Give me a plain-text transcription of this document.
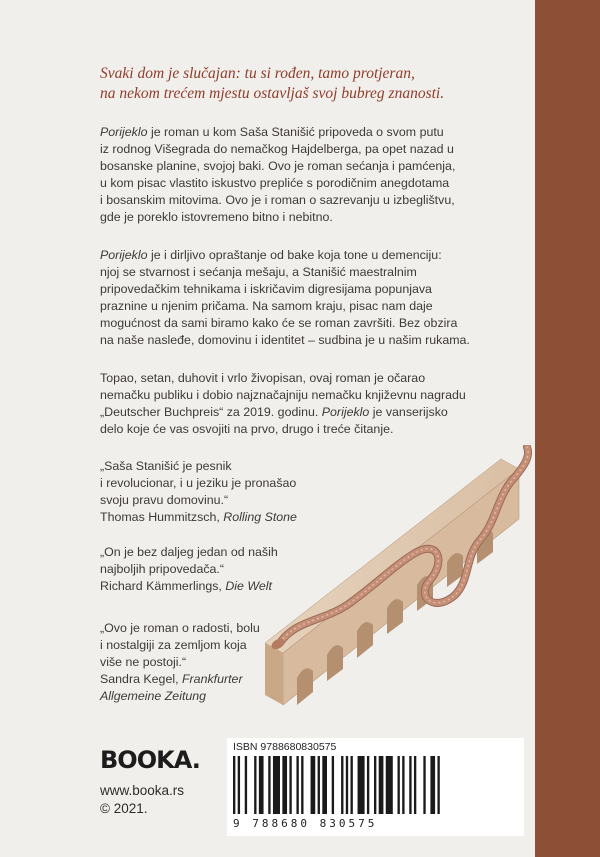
Svaki dom je slučajan: tu si rođen, tamo protjeran,

na nekom trećem mjestu ostavljaš svoj bubreg znanosti.

Porijeklo je roman u kom Saša Stanišić pripoveda o svom putu

iz rodnog Višegrada do nemačkog Hajdelberga, pa opet nazad u

bosanske planine, svojoj baki. Ovo je roman sećanja i pamćenja,

u kom pisac vlastito iskustvo prepliće s porodičnim anegdotama

i bosanskim mitovima. Ovo je i roman o sazrevanju u izbeglištvu,

gde je poreklo istovremeno bitno i nebitno.

Porijeklo je i dirljivo opraštanje od bake koja tone u demenciju:

njoj se stvarnost i sećanja mešaju, a Stanišić maestralnim

pripovedačkim tehnikama i iskričavim digresijama popunjava

praznine u njenim pričama. Na samom kraju, pisac nam daje

mogućnost da sami biramo kako će se roman završiti. Bez obzira

na naše nasleđe, domovinu i identitet – sudbina je u našim rukama.

Topao, setan, duhovit i vrlo živopisan, ovaj roman je očarao

nemačku publiku i dobio najznačajniju nemačku književnu nagradu

„Deutscher Buchpreis“ za 2019. godinu. Porijeklo je vanserijsko

delo koje će vas osvojiti na prvo, drugo i treće čitanje.

„Saša Stanišić je pesnik

i revolucionar, i u jeziku je pronašao

svoju pravu domovinu.“

Thomas Hummitzsch, Rolling Stone

„On je bez daljeg jedan od naših

najboljih pripovedača.“

Richard Kämmerlings, Die Welt

„Ovo je roman o radosti, bolu

i nostalgiji za zemljom koja

više ne postoji.“

Sandra Kegel, Frankfurter

Allgemeine Zeitung

BOOKA.

www.booka.rs

© 2021.

ISBN 9788680830575
9 788680 830575
